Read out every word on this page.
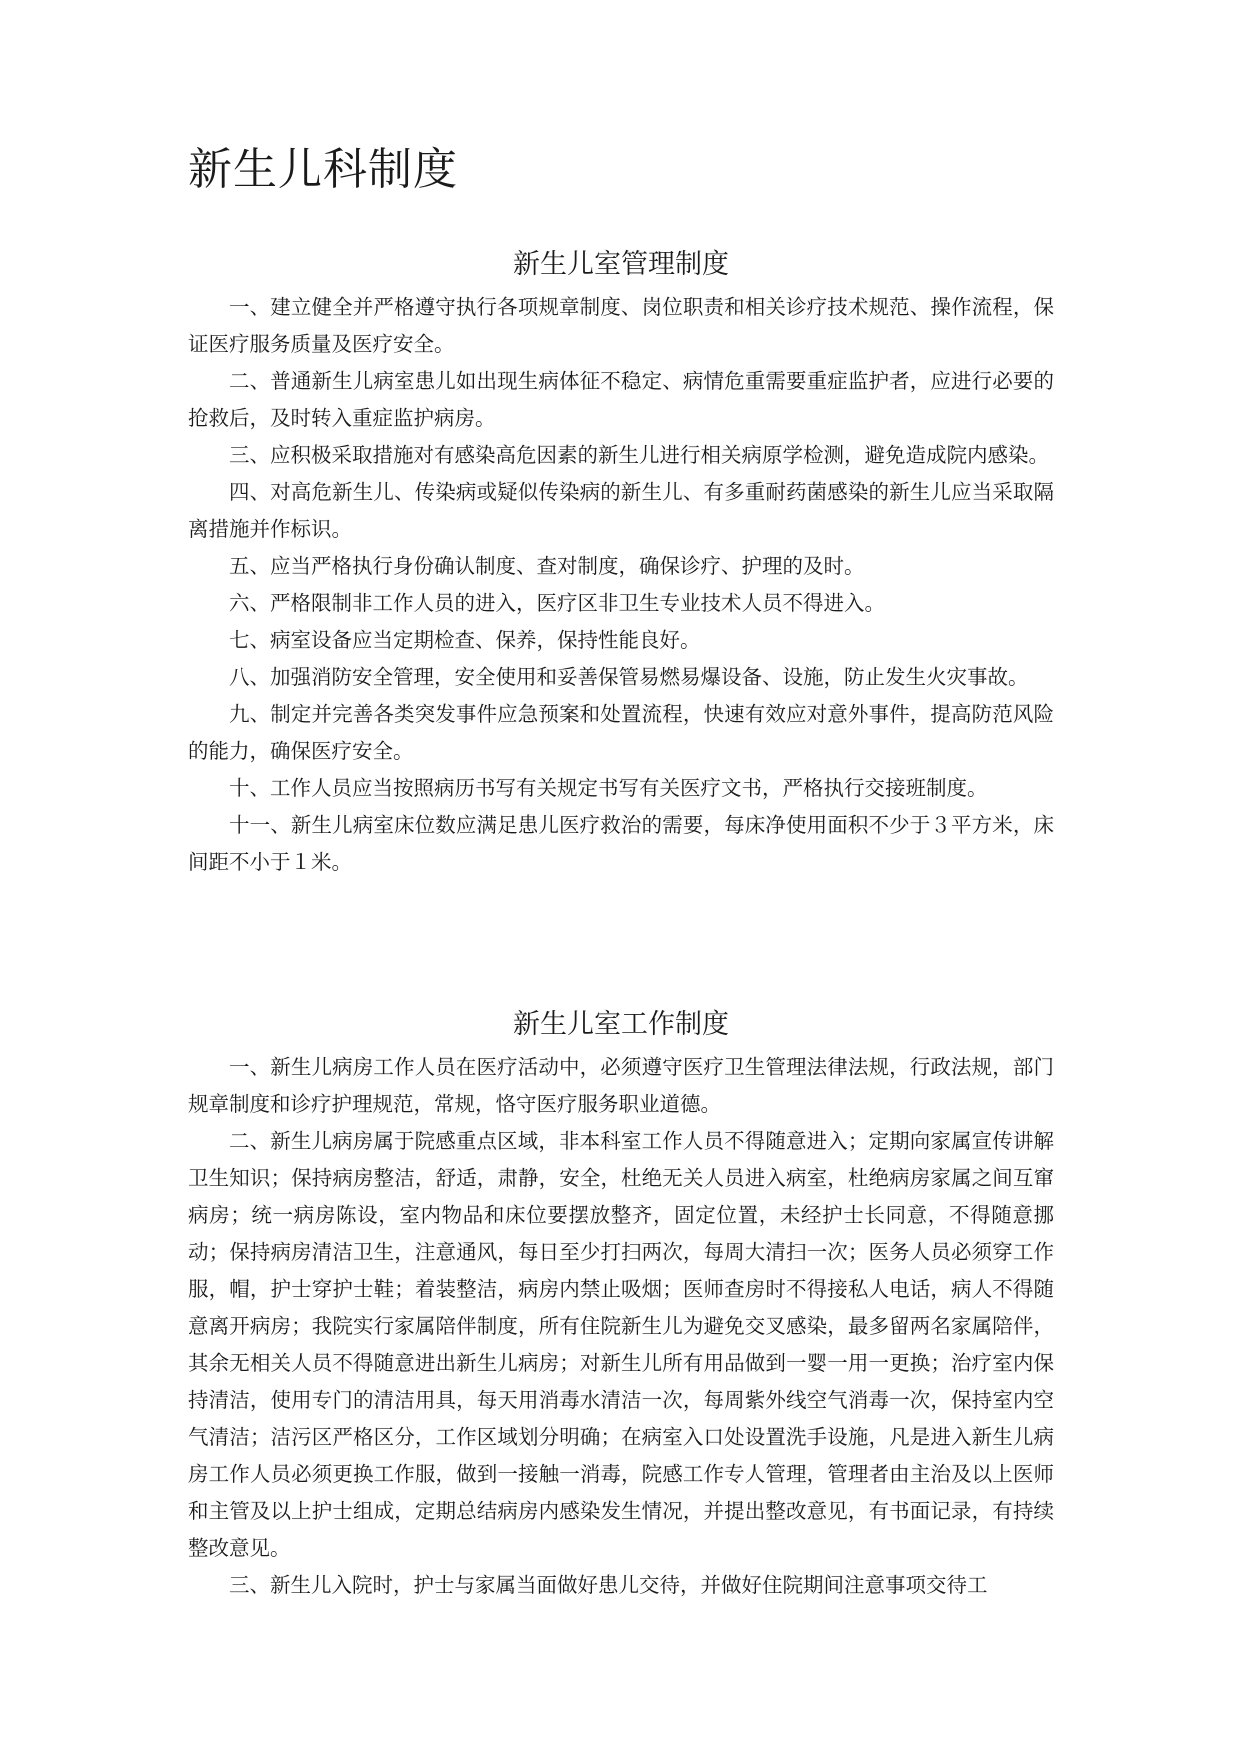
新生儿科制度
新生儿室管理制度

一、建立健全并严格遵守执行各项规章制度、岗位职责和相关诊疗技术规范、操作流程，保证医疗服务质量及医疗安全。

二、普通新生儿病室患儿如出现生病体征不稳定、病情危重需要重症监护者，应进行必要的抢救后，及时转入重症监护病房。

三、应积极采取措施对有感染高危因素的新生儿进行相关病原学检测，避免造成院内感染。

四、对高危新生儿、传染病或疑似传染病的新生儿、有多重耐药菌感染的新生儿应当采取隔离措施并作标识。

五、应当严格执行身份确认制度、查对制度，确保诊疗、护理的及时。

六、严格限制非工作人员的进入，医疗区非卫生专业技术人员不得进入。

七、病室设备应当定期检查、保养，保持性能良好。

八、加强消防安全管理，安全使用和妥善保管易燃易爆设备、设施，防止发生火灾事故。

九、制定并完善各类突发事件应急预案和处置流程，快速有效应对意外事件，提高防范风险的能力，确保医疗安全。

十、工作人员应当按照病历书写有关规定书写有关医疗文书，严格执行交接班制度。

十一、新生儿病室床位数应满足患儿医疗救治的需要，每床净使用面积不少于３平方米，床间距不小于１米。

新生儿室工作制度

一、新生儿病房工作人员在医疗活动中，必须遵守医疗卫生管理法律法规，行政法规，部门规章制度和诊疗护理规范，常规，恪守医疗服务职业道德。

二、新生儿病房属于院感重点区域，非本科室工作人员不得随意进入；定期向家属宣传讲解卫生知识；保持病房整洁，舒适，肃静，安全，杜绝无关人员进入病室，杜绝病房家属之间互窜病房；统一病房陈设，室内物品和床位要摆放整齐，固定位置，未经护士长同意，不得随意挪动；保持病房清洁卫生，注意通风，每日至少打扫两次，每周大清扫一次；医务人员必须穿工作服，帽，护士穿护士鞋；着装整洁，病房内禁止吸烟；医师查房时不得接私人电话，病人不得随意离开病房；我院实行家属陪伴制度，所有住院新生儿为避免交叉感染，最多留两名家属陪伴，其余无相关人员不得随意进出新生儿病房；对新生儿所有用品做到一婴一用一更换；治疗室内保持清洁，使用专门的清洁用具，每天用消毒水清洁一次，每周紫外线空气消毒一次，保持室内空气清洁；洁污区严格区分，工作区域划分明确；在病室入口处设置洗手设施，凡是进入新生儿病房工作人员必须更换工作服，做到一接触一消毒，院感工作专人管理，管理者由主治及以上医师和主管及以上护士组成，定期总结病房内感染发生情况，并提出整改意见，有书面记录，有持续整改意见。

三、新生儿入院时，护士与家属当面做好患儿交待，并做好住院期间注意事项交待工
